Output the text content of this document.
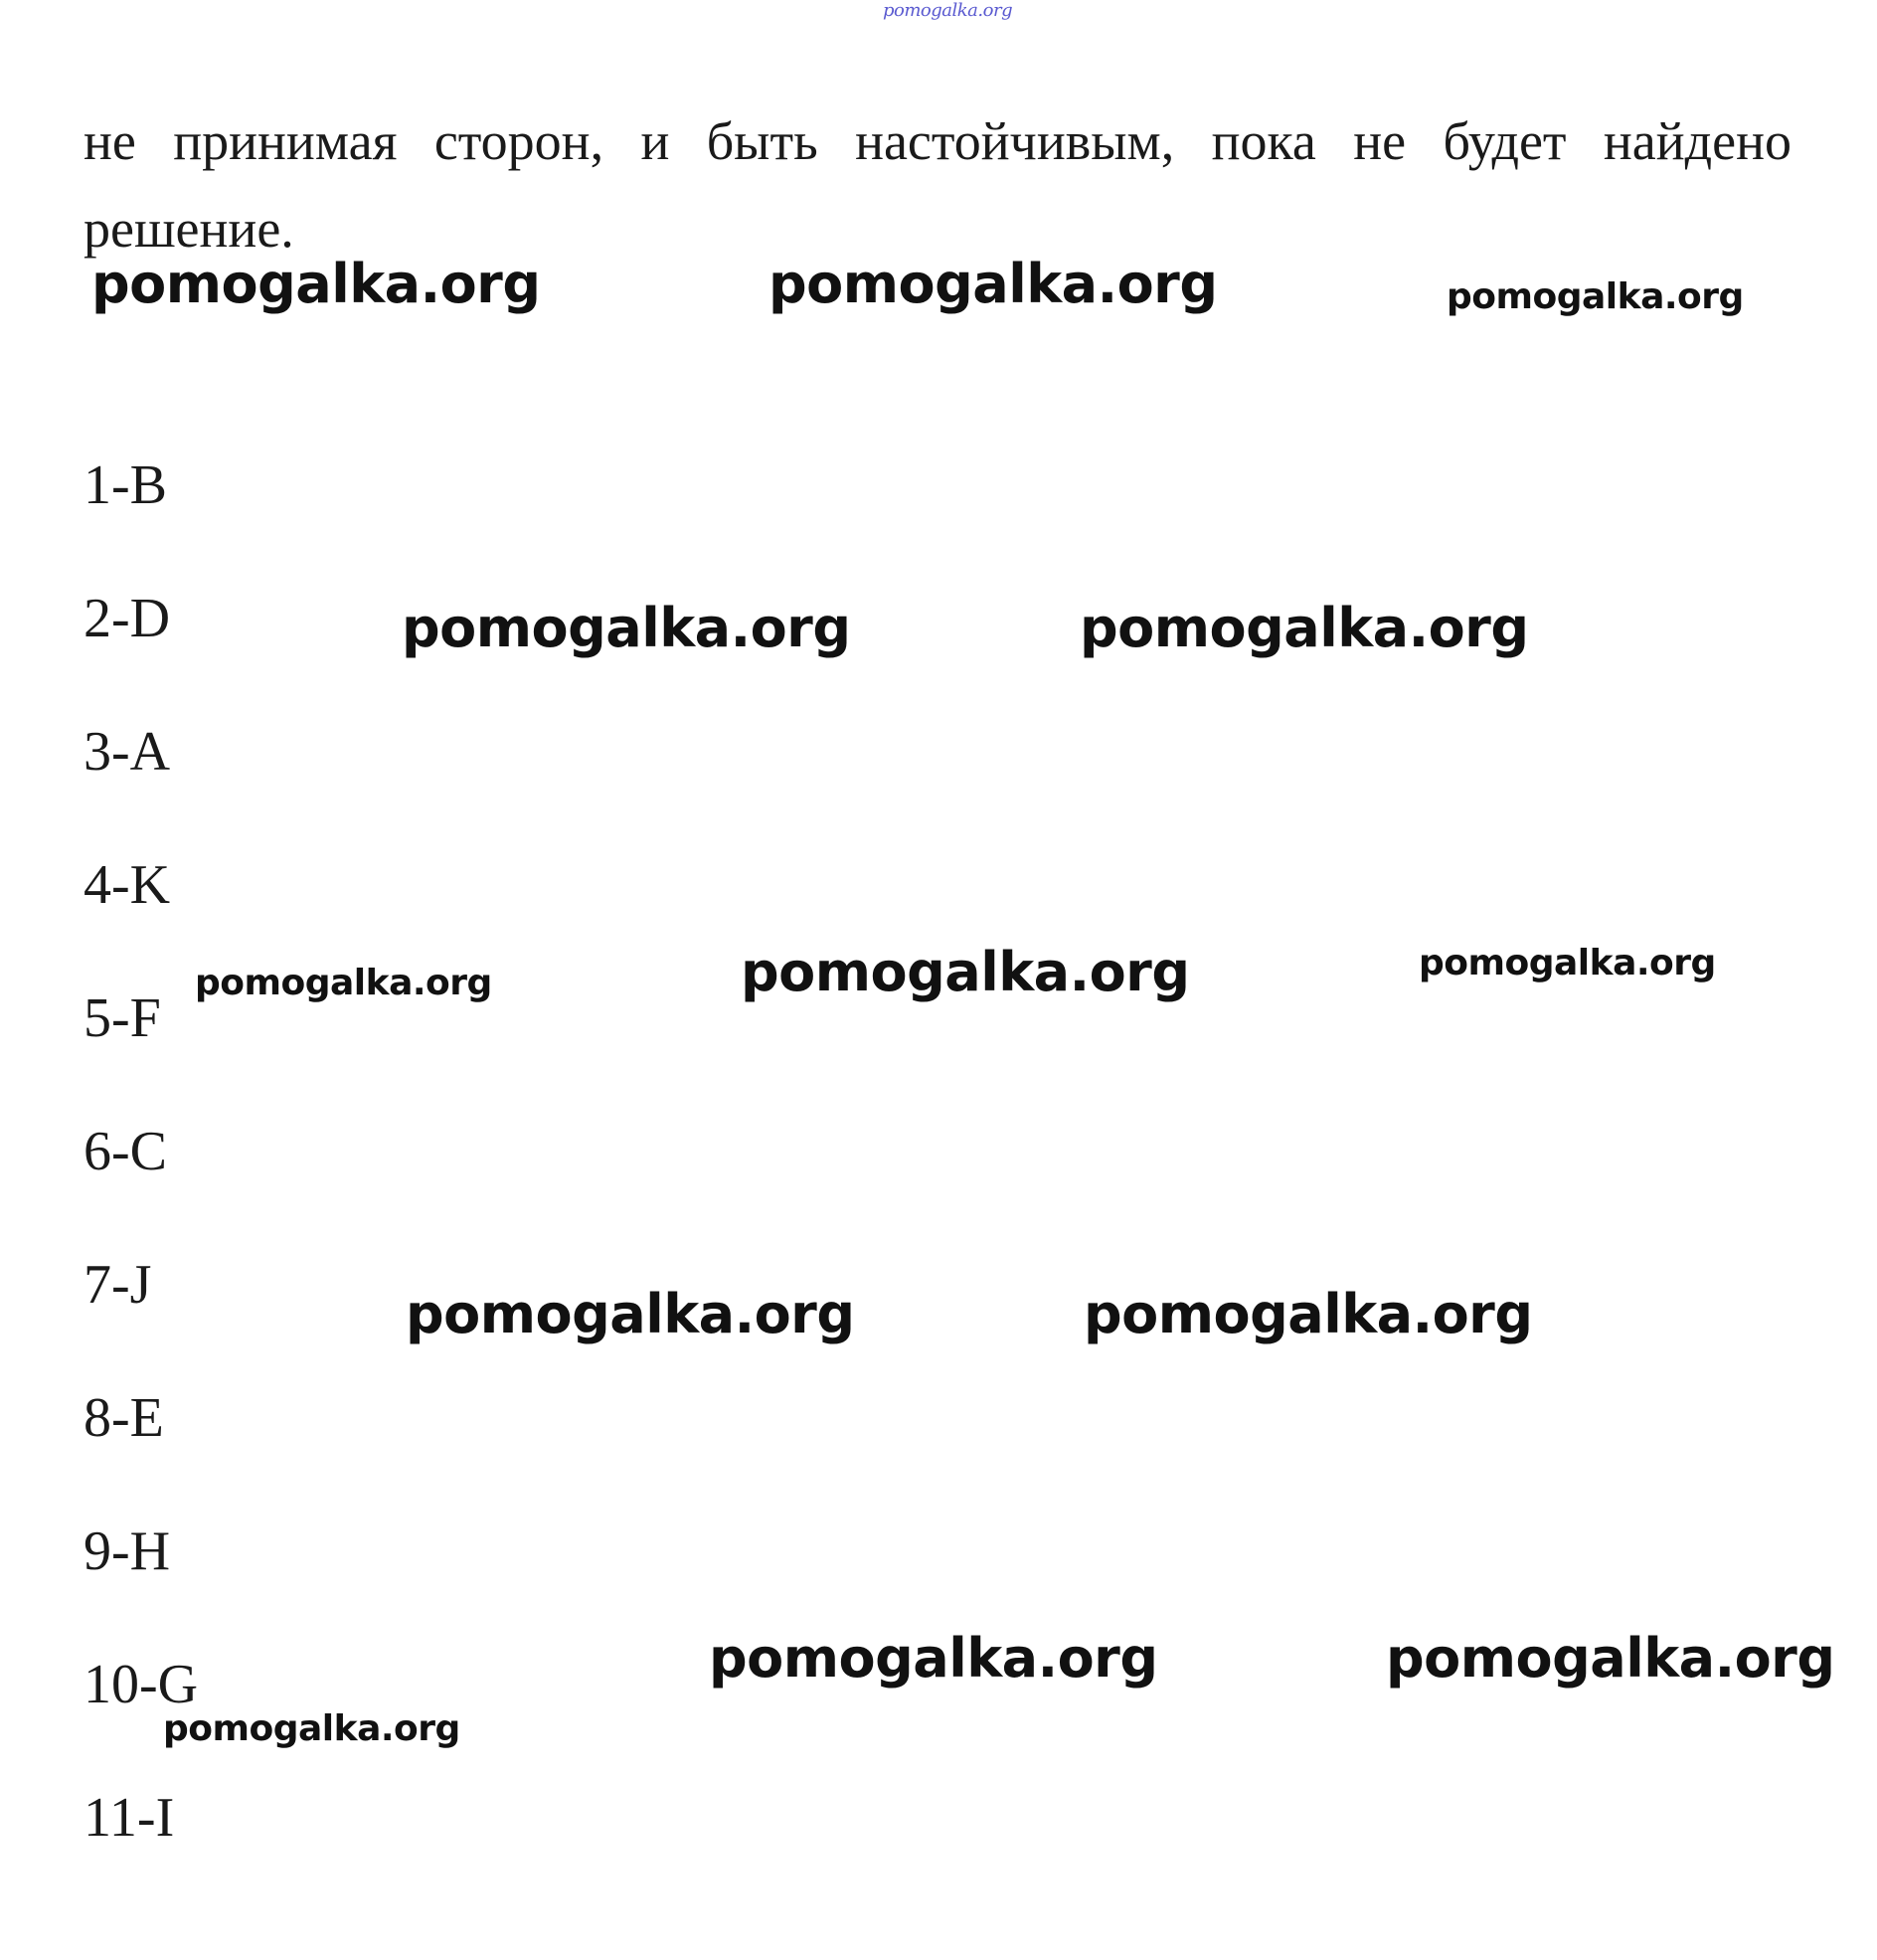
pomogalka.org

не принимая сторон, и быть настойчивым, пока не будет найдено решение.

1-B
2-D
3-A
4-K
5-F
6-C
7-J
8-E
9-H
10-G
11-I
pomogalka.org	pomogalka.org	pomogalka.org
pomogalka.org	pomogalka.org
pomogalka.org	pomogalka.org	pomogalka.org
pomogalka.org	pomogalka.org
pomogalka.org	pomogalka.org
pomogalka.org
